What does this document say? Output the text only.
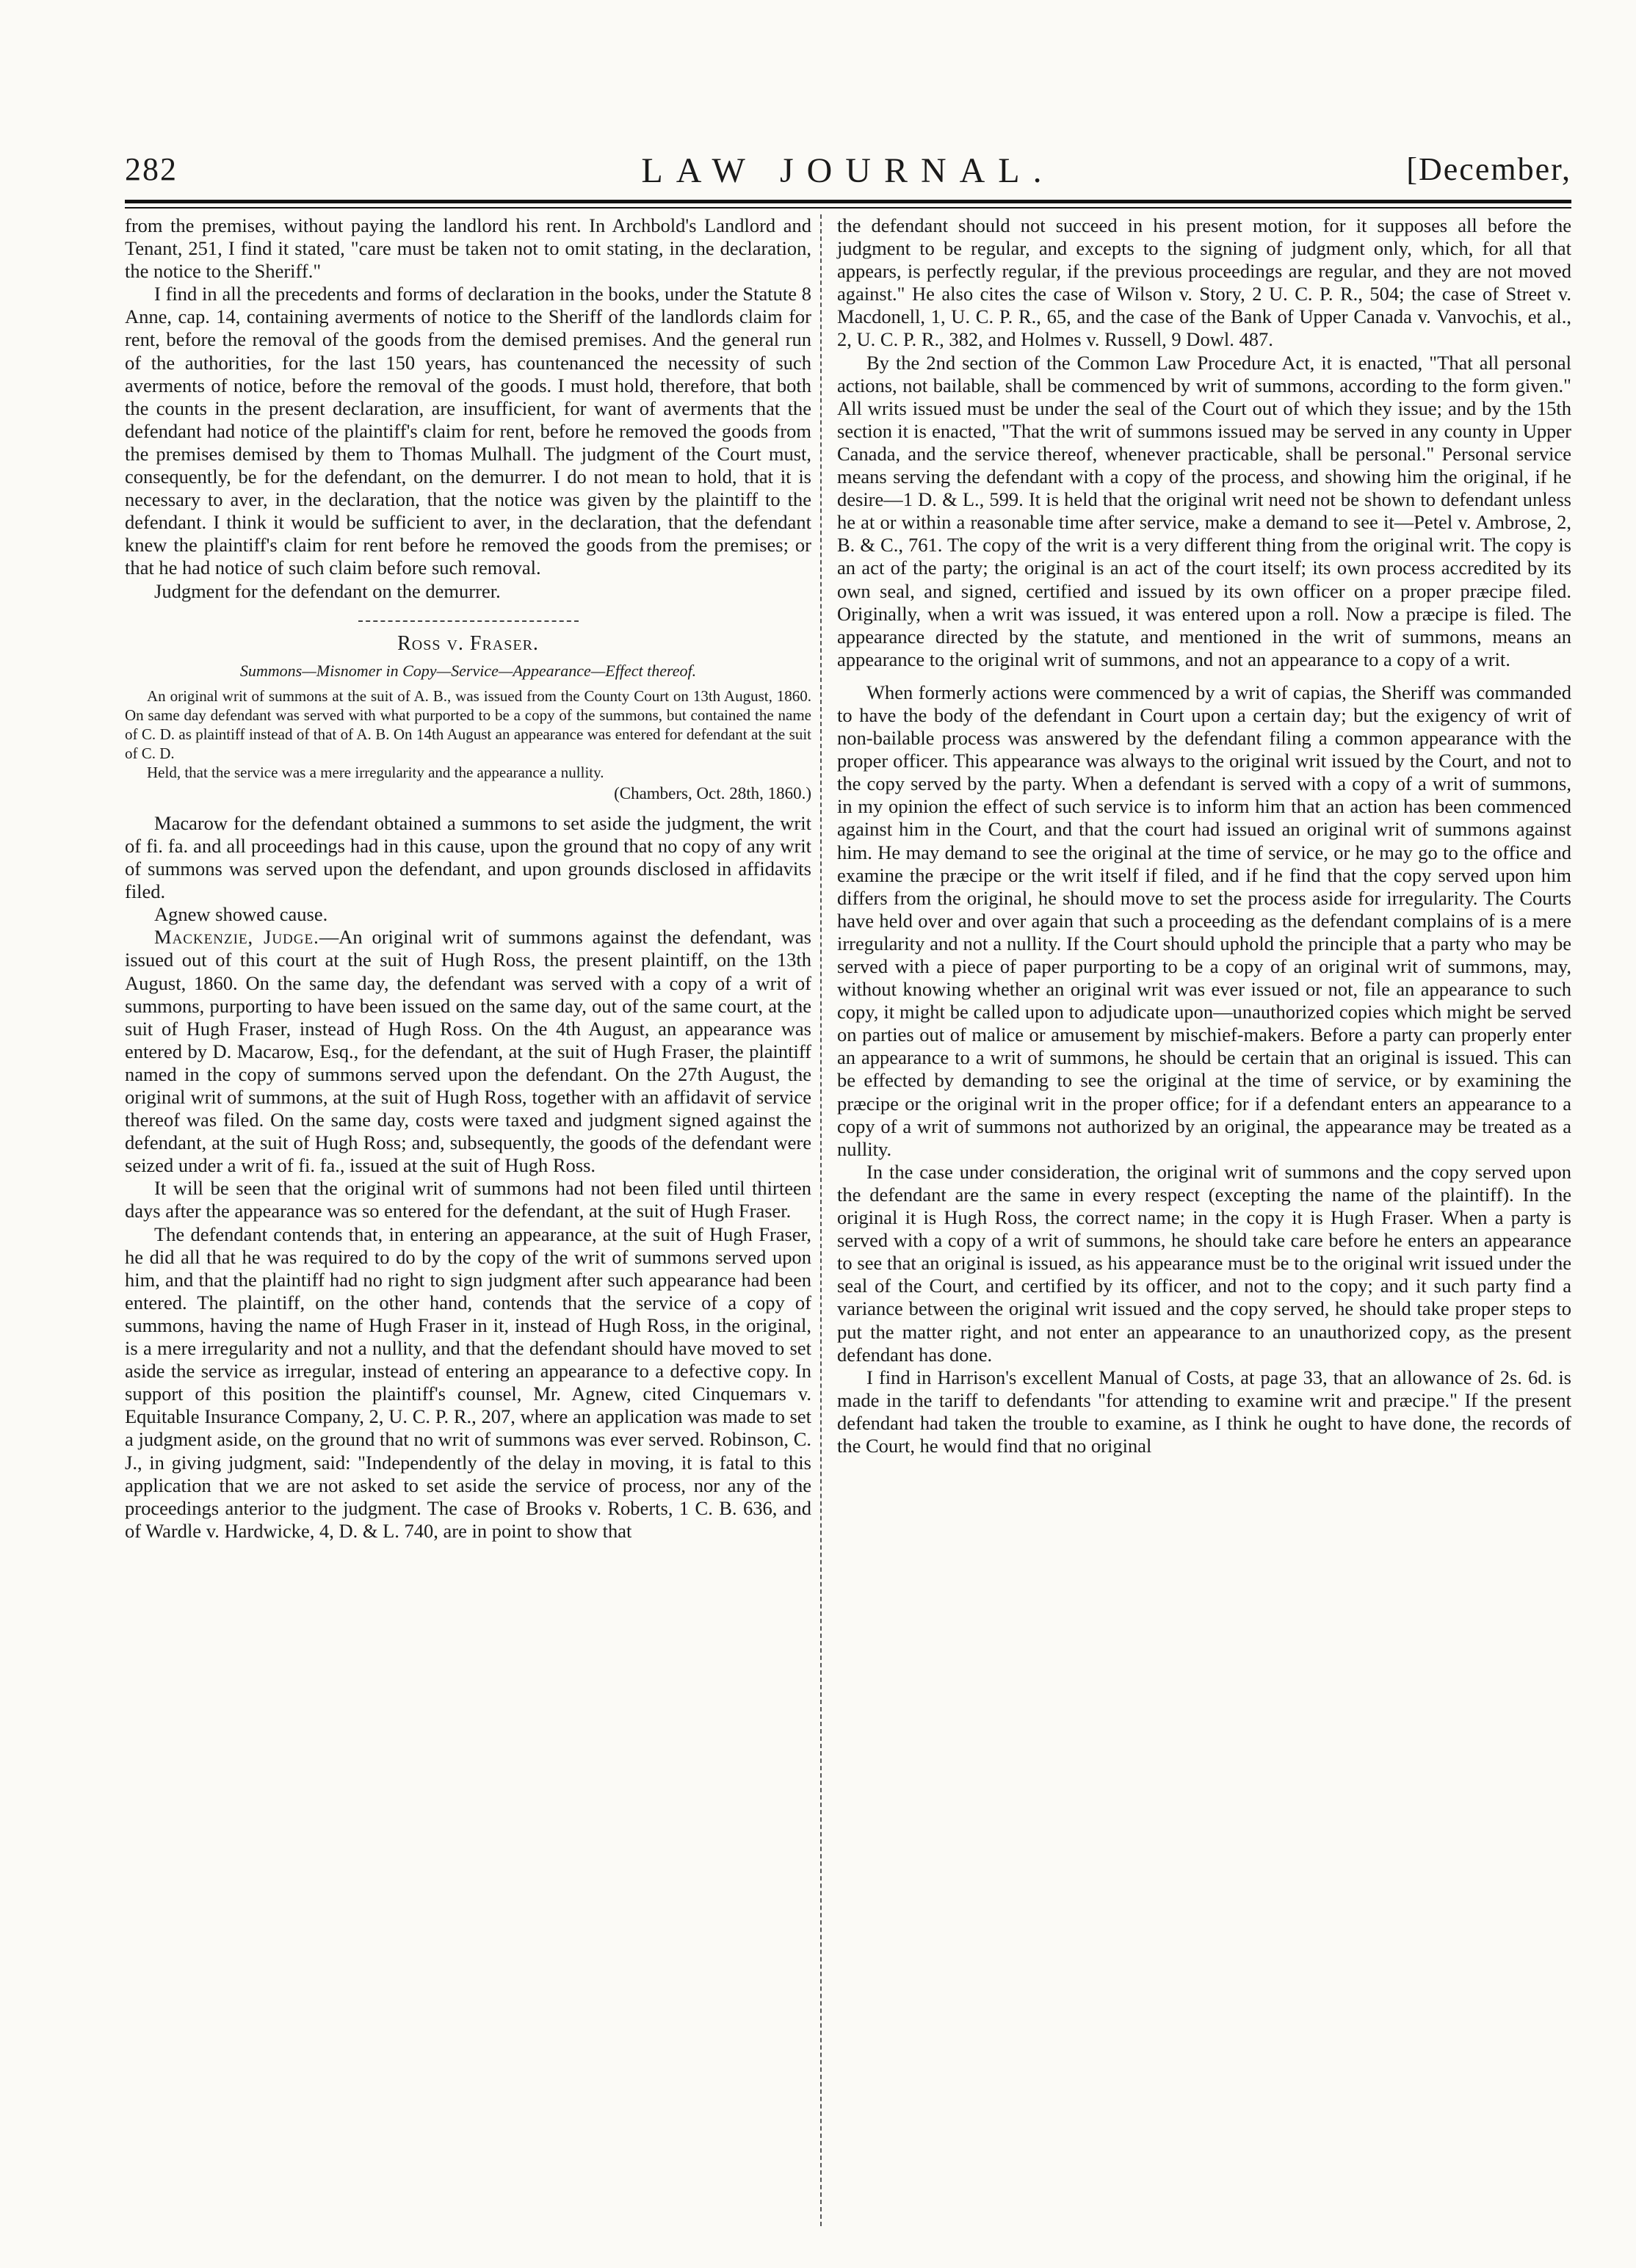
282	LAW JOURNAL.	[December,

from the premises, without paying the landlord his rent. In Archbold's Landlord and Tenant, 251, I find it stated, "care must be taken not to omit stating, in the declaration, the notice to the Sheriff."

I find in all the precedents and forms of declaration in the books, under the Statute 8 Anne, cap. 14, containing averments of notice to the Sheriff of the landlords claim for rent, before the removal of the goods from the demised premises. And the general run of the authorities, for the last 150 years, has countenanced the necessity of such averments of notice, before the removal of the goods. I must hold, therefore, that both the counts in the present declaration, are insufficient, for want of averments that the defendant had notice of the plaintiff's claim for rent, before he removed the goods from the premises demised by them to Thomas Mulhall. The judgment of the Court must, consequently, be for the defendant, on the demurrer. I do not mean to hold, that it is necessary to aver, in the declaration, that the notice was given by the plaintiff to the defendant. I think it would be sufficient to aver, in the declaration, that the defendant knew the plaintiff's claim for rent before he removed the goods from the premises; or that he had notice of such claim before such removal.

Judgment for the defendant on the demurrer.

Ross v. Fraser.
Summons—Misnomer in Copy—Service—Appearance—Effect thereof.

An original writ of summons at the suit of A. B., was issued from the County Court on 13th August, 1860. On same day defendant was served with what purported to be a copy of the summons, but contained the name of C. D. as plaintiff instead of that of A. B. On 14th August an appearance was entered for defendant at the suit of C. D.

Held, that the service was a mere irregularity and the appearance a nullity.

(Chambers, Oct. 28th, 1860.)

Macarow for the defendant obtained a summons to set aside the judgment, the writ of fi. fa. and all proceedings had in this cause, upon the ground that no copy of any writ of summons was served upon the defendant, and upon grounds disclosed in affidavits filed.

Agnew showed cause.

Mackenzie, Judge.—An original writ of summons against the defendant, was issued out of this court at the suit of Hugh Ross, the present plaintiff, on the 13th August, 1860. On the same day, the defendant was served with a copy of a writ of summons, purporting to have been issued on the same day, out of the same court, at the suit of Hugh Fraser, instead of Hugh Ross. On the 4th August, an appearance was entered by D. Macarow, Esq., for the defendant, at the suit of Hugh Fraser, the plaintiff named in the copy of summons served upon the defendant. On the 27th August, the original writ of summons, at the suit of Hugh Ross, together with an affidavit of service thereof was filed. On the same day, costs were taxed and judgment signed against the defendant, at the suit of Hugh Ross; and, subsequently, the goods of the defendant were seized under a writ of fi. fa., issued at the suit of Hugh Ross.

It will be seen that the original writ of summons had not been filed until thirteen days after the appearance was so entered for the defendant, at the suit of Hugh Fraser.

The defendant contends that, in entering an appearance, at the suit of Hugh Fraser, he did all that he was required to do by the copy of the writ of summons served upon him, and that the plaintiff had no right to sign judgment after such appearance had been entered. The plaintiff, on the other hand, contends that the service of a copy of summons, having the name of Hugh Fraser in it, instead of Hugh Ross, in the original, is a mere irregularity and not a nullity, and that the defendant should have moved to set aside the service as irregular, instead of entering an appearance to a defective copy. In support of this position the plaintiff's counsel, Mr. Agnew, cited Cinquemars v. Equitable Insurance Company, 2, U. C. P. R., 207, where an application was made to set a judgment aside, on the ground that no writ of summons was ever served. Robinson, C. J., in giving judgment, said: "Independently of the delay in moving, it is fatal to this application that we are not asked to set aside the service of process, nor any of the proceedings anterior to the judgment. The case of Brooks v. Roberts, 1 C. B. 636, and of Wardle v. Hardwicke, 4, D. & L. 740, are in point to show that

the defendant should not succeed in his present motion, for it supposes all before the judgment to be regular, and excepts to the signing of judgment only, which, for all that appears, is perfectly regular, if the previous proceedings are regular, and they are not moved against." He also cites the case of Wilson v. Story, 2 U. C. P. R., 504; the case of Street v. Macdonell, 1, U. C. P. R., 65, and the case of the Bank of Upper Canada v. Vanvochis, et al., 2, U. C. P. R., 382, and Holmes v. Russell, 9 Dowl. 487.

By the 2nd section of the Common Law Procedure Act, it is enacted, "That all personal actions, not bailable, shall be commenced by writ of summons, according to the form given." All writs issued must be under the seal of the Court out of which they issue; and by the 15th section it is enacted, "That the writ of summons issued may be served in any county in Upper Canada, and the service thereof, whenever practicable, shall be personal." Personal service means serving the defendant with a copy of the process, and showing him the original, if he desire—1 D. & L., 599. It is held that the original writ need not be shown to defendant unless he at or within a reasonable time after service, make a demand to see it—Petel v. Ambrose, 2, B. & C., 761. The copy of the writ is a very different thing from the original writ. The copy is an act of the party; the original is an act of the court itself; its own process accredited by its own seal, and signed, certified and issued by its own officer on a proper præcipe filed. Originally, when a writ was issued, it was entered upon a roll. Now a præcipe is filed. The appearance directed by the statute, and mentioned in the writ of summons, means an appearance to the original writ of summons, and not an appearance to a copy of a writ.

When formerly actions were commenced by a writ of capias, the Sheriff was commanded to have the body of the defendant in Court upon a certain day; but the exigency of writ of non-bailable process was answered by the defendant filing a common appearance with the proper officer. This appearance was always to the original writ issued by the Court, and not to the copy served by the party. When a defendant is served with a copy of a writ of summons, in my opinion the effect of such service is to inform him that an action has been commenced against him in the Court, and that the court had issued an original writ of summons against him. He may demand to see the original at the time of service, or he may go to the office and examine the præcipe or the writ itself if filed, and if he find that the copy served upon him differs from the original, he should move to set the process aside for irregularity. The Courts have held over and over again that such a proceeding as the defendant complains of is a mere irregularity and not a nullity. If the Court should uphold the principle that a party who may be served with a piece of paper purporting to be a copy of an original writ of summons, may, without knowing whether an original writ was ever issued or not, file an appearance to such copy, it might be called upon to adjudicate upon—unauthorized copies which might be served on parties out of malice or amusement by mischief-makers. Before a party can properly enter an appearance to a writ of summons, he should be certain that an original is issued. This can be effected by demanding to see the original at the time of service, or by examining the præcipe or the original writ in the proper office; for if a defendant enters an appearance to a copy of a writ of summons not authorized by an original, the appearance may be treated as a nullity.

In the case under consideration, the original writ of summons and the copy served upon the defendant are the same in every respect (excepting the name of the plaintiff). In the original it is Hugh Ross, the correct name; in the copy it is Hugh Fraser. When a party is served with a copy of a writ of summons, he should take care before he enters an appearance to see that an original is issued, as his appearance must be to the original writ issued under the seal of the Court, and certified by its officer, and not to the copy; and it such party find a variance between the original writ issued and the copy served, he should take proper steps to put the matter right, and not enter an appearance to an unauthorized copy, as the present defendant has done.

I find in Harrison's excellent Manual of Costs, at page 33, that an allowance of 2s. 6d. is made in the tariff to defendants "for attending to examine writ and præcipe." If the present defendant had taken the trouble to examine, as I think he ought to have done, the records of the Court, he would find that no original
